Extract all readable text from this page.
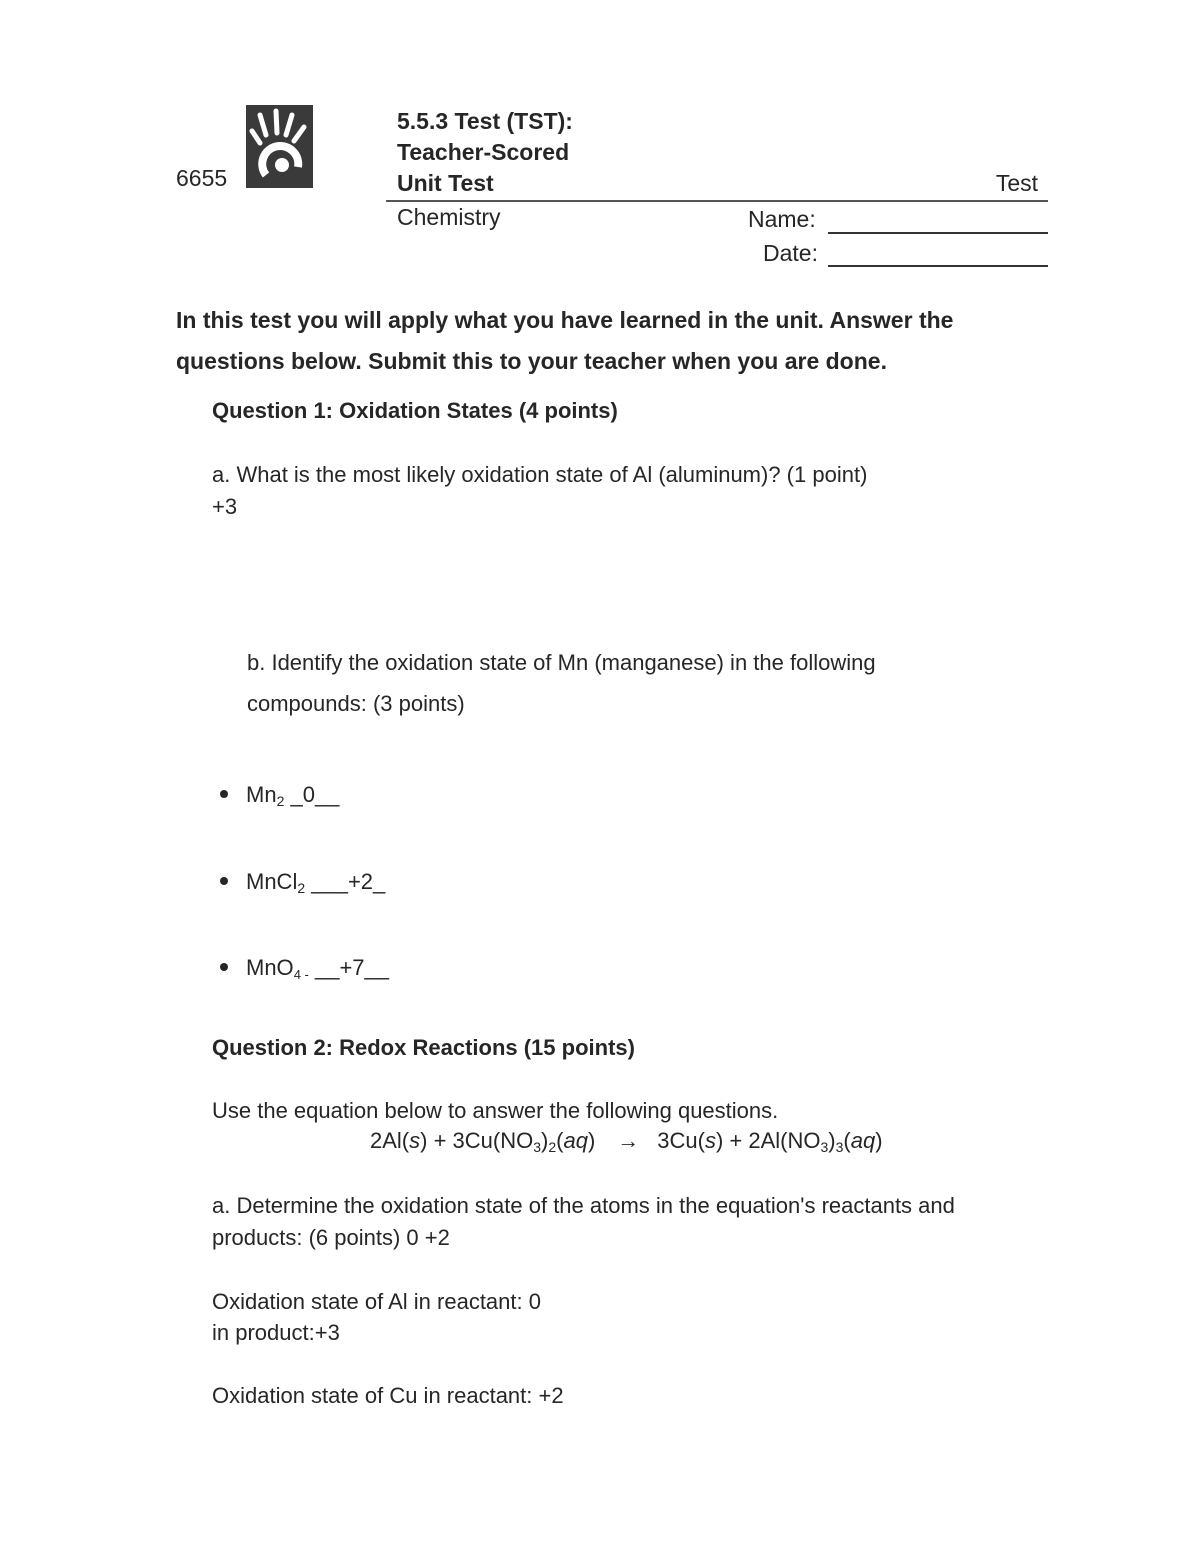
6655
5.5.3 Test (TST):
Teacher-Scored
Unit Test	Test
Chemistry	Name:
Date:
In this test you will apply what you have learned in the unit. Answer the questions below. Submit this to your teacher when you are done.
Question 1: Oxidation States (4 points)
a. What is the most likely oxidation state of Al (aluminum)? (1 point)
+3
b. Identify the oxidation state of Mn (manganese) in the following
compounds: (3 points)
$Mn_2$ _0__
MnCl$_2$ ___+2_
MnO4 - __+7__
Question 2: Redox Reactions (15 points)
Use the equation below to answer the following questions.
$2Al(s) + 3Cu(NO_3)_2(aq) \to 3Cu(s) + 2Al(NO_3)_3(aq)$
a. Determine the oxidation state of the atoms in the equation's reactants and
products: (6 points) 0 +2
Oxidation state of Al in reactant: 0
in product:+3
Oxidation state of Cu in reactant: +2
